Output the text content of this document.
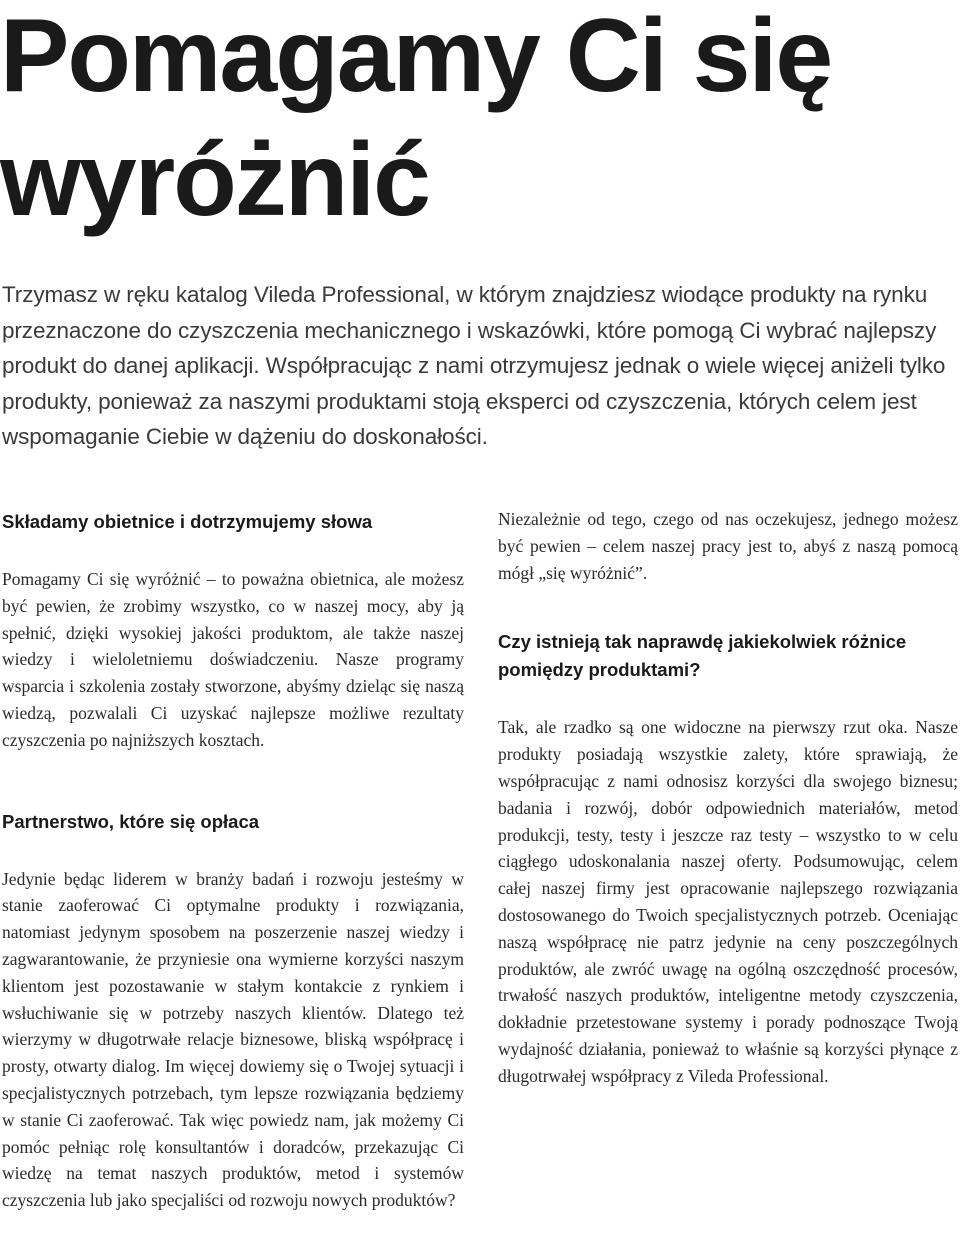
Pomagamy Ci się wyróżnić

Trzymasz w ręku katalog Vileda Professional, w którym znajdziesz wiodące produkty na rynku przeznaczone do czyszczenia mechanicznego i wskazówki, które pomogą Ci wybrać najlepszy produkt do danej aplikacji. Współpracując z nami otrzymujesz jednak o wiele więcej aniżeli tylko produkty, ponieważ za naszymi produktami stoją eksperci od czyszczenia, których celem jest wspomaganie Ciebie w dążeniu do doskonałości.

Składamy obietnice i dotrzymujemy słowa

Pomagamy Ci się wyróżnić – to poważna obietnica, ale możesz być pewien, że zrobimy wszystko, co w naszej mocy, aby ją spełnić, dzięki wysokiej jakości produktom, ale także naszej wiedzy i wieloletniemu doświadczeniu. Nasze programy wsparcia i szkolenia zostały stworzone, abyśmy dzieląc się naszą wiedzą, pozwalali Ci uzyskać najlepsze możliwe rezultaty czyszczenia po najniższych kosztach.

Partnerstwo, które się opłaca

Jedynie będąc liderem w branży badań i rozwoju jesteśmy w stanie zaoferować Ci optymalne produkty i rozwiązania, natomiast jedynym sposobem na poszerzenie naszej wiedzy i zagwarantowanie, że przyniesie ona wymierne korzyści naszym klientom jest pozostawanie w stałym kontakcie z rynkiem i wsłuchiwanie się w potrzeby naszych klientów. Dlatego też wierzymy w długotrwałe relacje biznesowe, bliską współpracę i prosty, otwarty dialog. Im więcej dowiemy się o Twojej sytuacji i specjalistycznych potrzebach, tym lepsze rozwiązania będziemy w stanie Ci zaoferować. Tak więc powiedz nam, jak możemy Ci pomóc pełniąc rolę konsultantów i doradców, przekazując Ci wiedzę na temat naszych produktów, metod i systemów czyszczenia lub jako specjaliści od rozwoju nowych produktów?

Niezależnie od tego, czego od nas oczekujesz, jednego możesz być pewien – celem naszej pracy jest to, abyś z naszą pomocą mógł „się wyróżnić”.

Czy istnieją tak naprawdę jakiekolwiek różnice pomiędzy produktami?

Tak, ale rzadko są one widoczne na pierwszy rzut oka. Nasze produkty posiadają wszystkie zalety, które sprawiają, że współpracując z nami odnosisz korzyści dla swojego biznesu; badania i rozwój, dobór odpowiednich materiałów, metod produkcji, testy, testy i jeszcze raz testy – wszystko to w celu ciągłego udoskonalania naszej oferty. Podsumowując, celem całej naszej firmy jest opracowanie najlepszego rozwiązania dostosowanego do Twoich specjalistycznych potrzeb. Oceniając naszą współpracę nie patrz jedynie na ceny poszczególnych produktów, ale zwróć uwagę na ogólną oszczędność procesów, trwałość naszych produktów, inteligentne metody czyszczenia, dokładnie przetestowane systemy i porady podnoszące Twoją wydajność działania, ponieważ to właśnie są korzyści płynące z długotrwałej współpracy z Vileda Professional.
